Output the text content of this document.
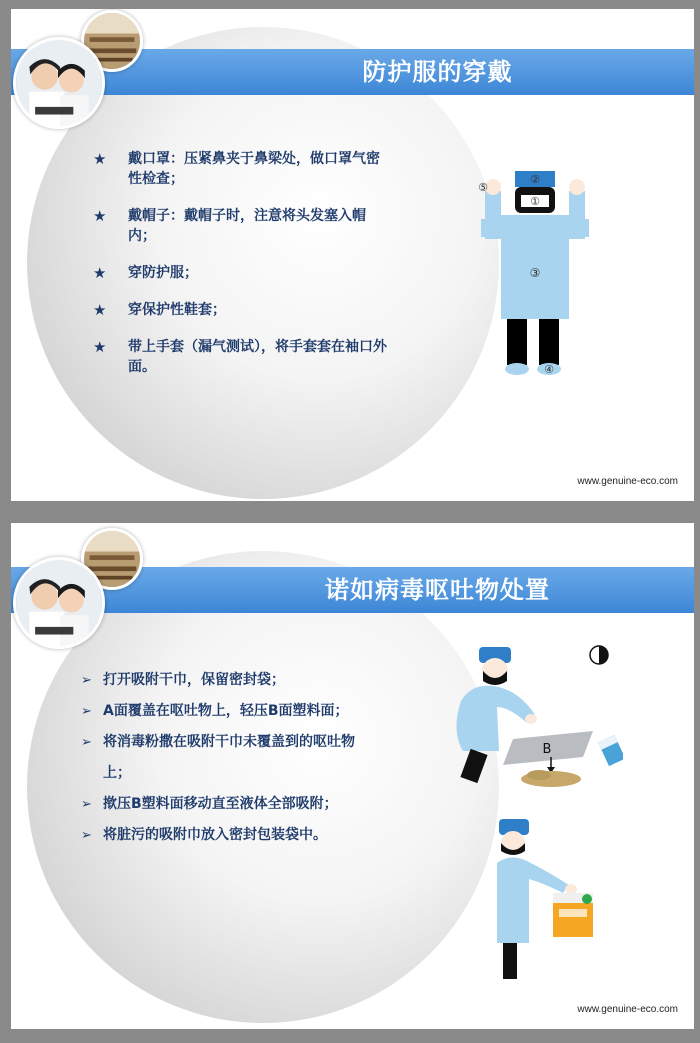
防护服的穿戴
★	戴口罩：压紧鼻夹于鼻梁处，做口罩气密性检查；
★	戴帽子：戴帽子时，注意将头发塞入帽内；
★	穿防护服；
★	穿保护性鞋套；
★	带上手套（漏气测试），将手套套在袖口外面。
①
②
③
④
⑤
www.genuine-eco.com
诺如病毒呕吐物处置
➢ 打开吸附干巾，保留密封袋；
➢ A面覆盖在呕吐物上，轻压B面塑料面；
➢ 将消毒粉撒在吸附干巾未覆盖到的呕吐物上；
➢ 揿压B塑料面移动直至液体全部吸附；
➢ 将脏污的吸附巾放入密封包装袋中。
B
www.genuine-eco.com
